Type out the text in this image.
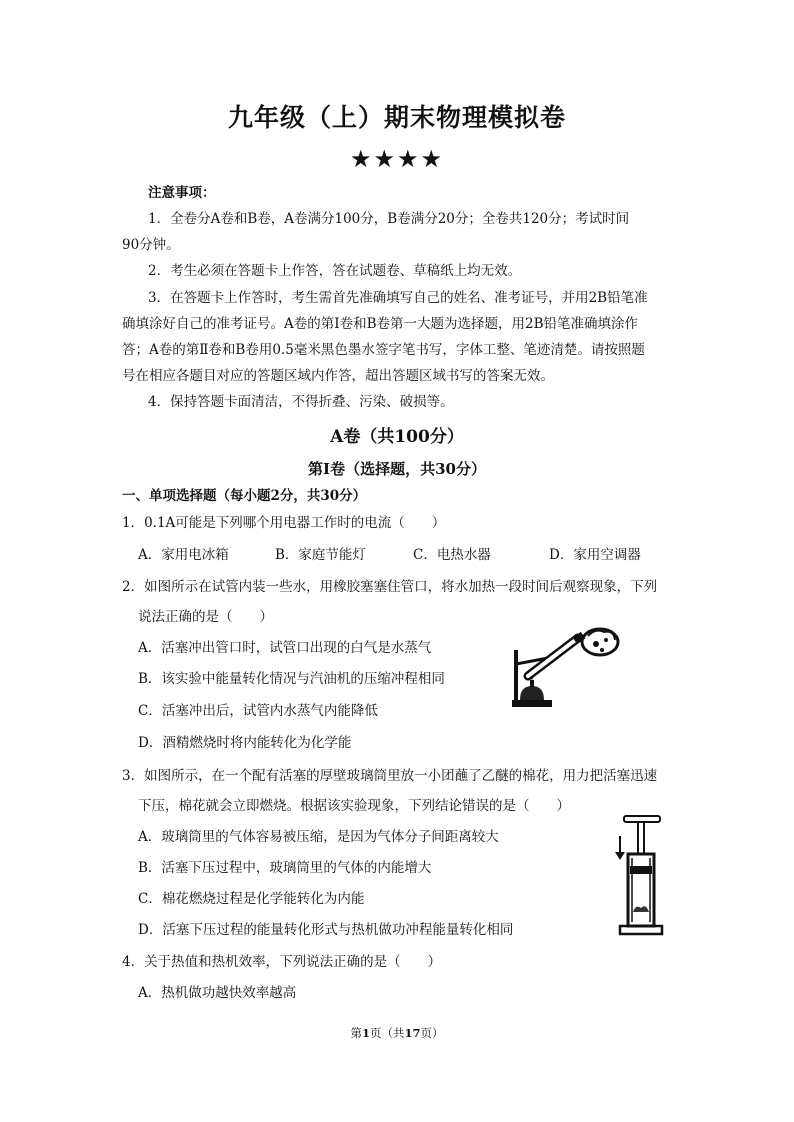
九年级（上）期末物理模拟卷
★★★★
注意事项：
1．全卷分A卷和B卷，A卷满分100分，B卷满分20分；全卷共120分；考试时间
90分钟。
2．考生必须在答题卡上作答，答在试题卷、草稿纸上均无效。
3．在答题卡上作答时，考生需首先准确填写自己的姓名、准考证号，并用2B铅笔准
确填涂好自己的准考证号。A卷的第Ⅰ卷和B卷第一大题为选择题，用2B铅笔准确填涂作
答；A卷的第Ⅱ卷和B卷用0.5毫米黑色墨水签字笔书写，字体工整、笔迹清楚。请按照题
号在相应各题目对应的答题区域内作答，超出答题区域书写的答案无效。
4．保持答题卡面清洁，不得折叠、污染、破损等。
A卷（共100分）
第Ⅰ卷（选择题，共30分）
一、单项选择题（每小题2分，共30分）
1．0.1A可能是下列哪个用电器工作时的电流（　　）
A．家用电冰箱	B．家庭节能灯	C．电热水器	D．家用空调器
2．如图所示在试管内装一些水，用橡胶塞塞住管口，将水加热一段时间后观察现象，下列
说法正确的是（　　）
A．活塞冲出管口时，试管口出现的白气是水蒸气
B．该实验中能量转化情况与汽油机的压缩冲程相同
C．活塞冲出后，试管内水蒸气内能降低
D．酒精燃烧时将内能转化为化学能
3．如图所示，在一个配有活塞的厚壁玻璃筒里放一小团蘸了乙醚的棉花，用力把活塞迅速
下压，棉花就会立即燃烧。根据该实验现象，下列结论错误的是（　　）
A．玻璃筒里的气体容易被压缩，是因为气体分子间距离较大
B．活塞下压过程中，玻璃筒里的气体的内能增大
C．棉花燃烧过程是化学能转化为内能
D．活塞下压过程的能量转化形式与热机做功冲程能量转化相同
4．关于热值和热机效率，下列说法正确的是（　　）
A．热机做功越快效率越高
第1页（共17页）
